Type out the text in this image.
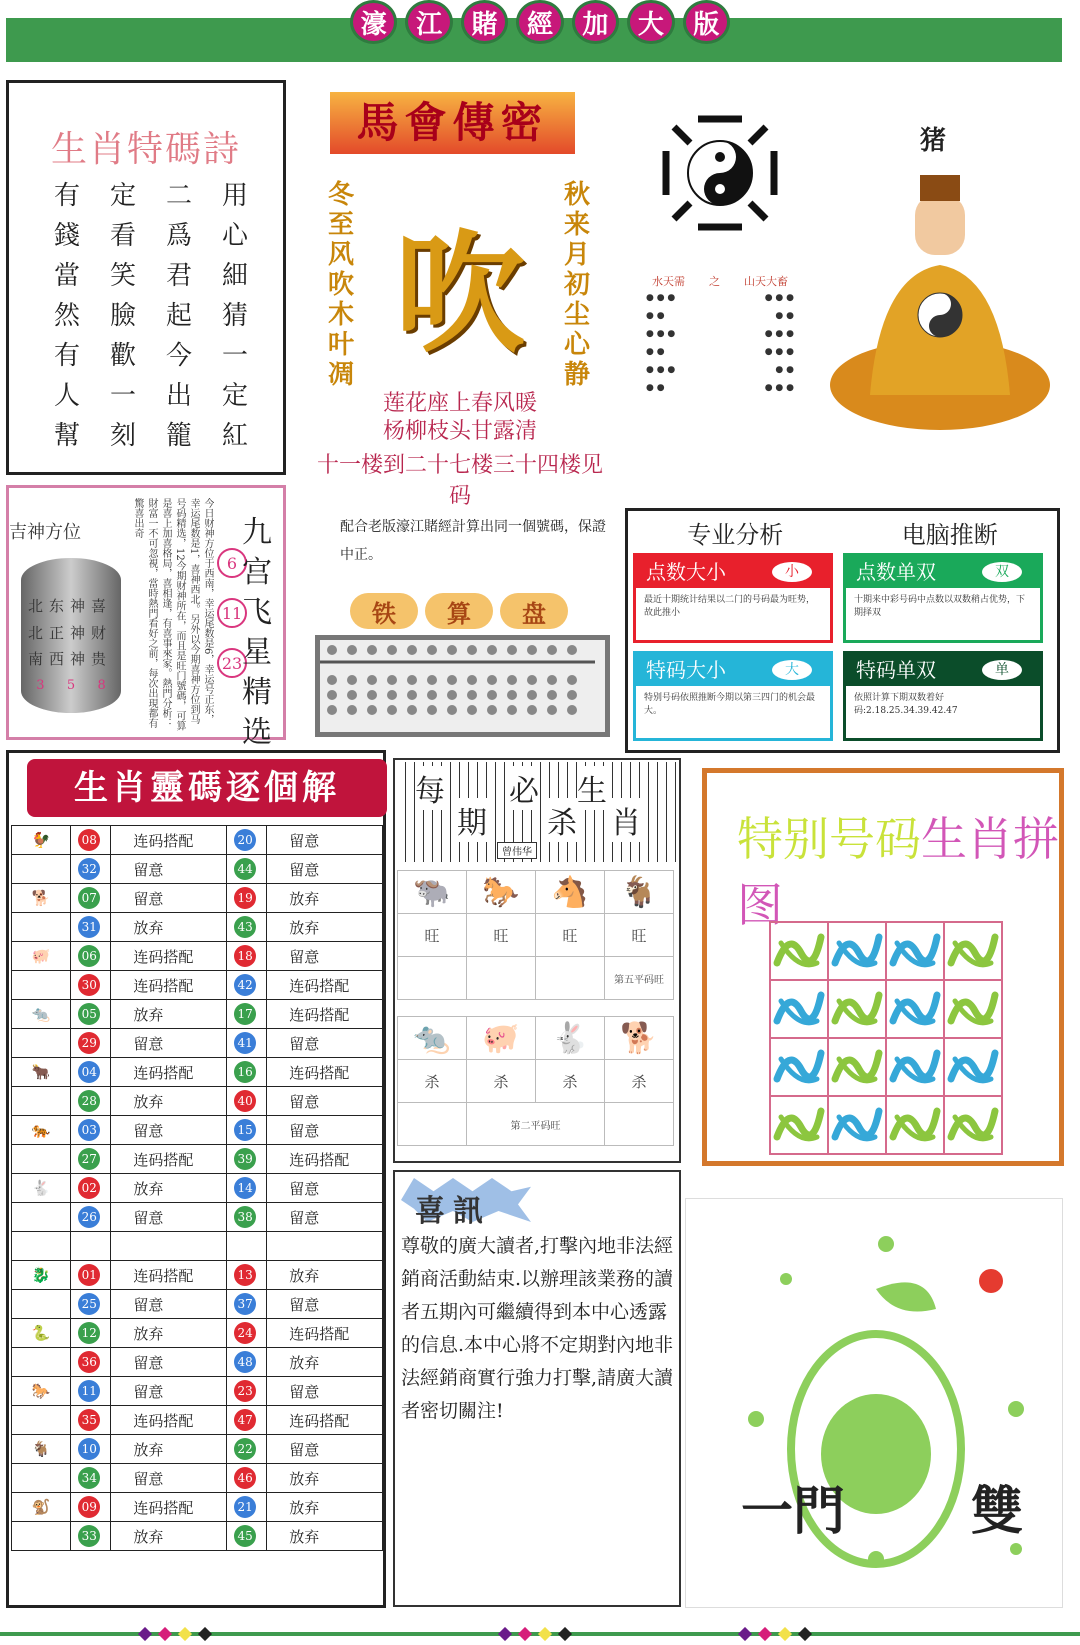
濠	江	賭	經	加	大	版
生肖特碼詩
有	定	二	用
錢	看	爲	心
當	笑	君	細
然	臉	起	猜
有	歡	今	一
人	一	出	定
幫	刻	籠	紅
馬會傳密
冬至风吹木叶凋
吹
秋来月初尘心静
莲花座上春风暖
杨柳枝头甘露清
十一楼到二十七楼三十四楼见码
水天需 之 山天大畜
● ● ●	● ● ●
● ●	● ●
● ● ●	● ● ●
● ●	● ● ●
● ● ●	● ●
● ●	● ● ●
猪
今日财神方位于西南，幸运尾数是6，幸运号正东，幸运尾数是1，喜神西北。另外以今期喜神方位到马号码精选，12今期财神所在，而且是旺门號碼，可算是喜上加喜格局，喜相逢，有喜事來家。熱門分析：財富一不可忽視，當時熱門看好之前，每次出現都有驚喜出奇
喜神东北
财神正北
贵神西南
3 5 8
吉神方位
6
11
23
九宫飞星精选
配合老版濠江賭經計算出同一個號碼，保證中正。
铁	算	盘
专业分析	电脑推断
点数大小	小
最近十期统计结果以二门的号码最为旺势，故此推小
点数单双	双
十期来中彩号码中点数以双数稍占优势，下期择双
特码大小	大
特别号码依照推断今期以第三四门的机会最大。
特码单双	单
依照计算下期双数着好 码:2.18.25.34.39.42.47
生肖靈碼逐個解
🐓	08	连码搭配	20	留意
	32	留意	44	留意
🐕	07	留意	19	放弃
	31	放弃	43	放弃
🐖	06	连码搭配	18	留意
	30	连码搭配	42	连码搭配
🐀	05	放弃	17	连码搭配
	29	留意	41	留意
🐂	04	连码搭配	16	连码搭配
	28	放弃	40	留意
🐅	03	留意	15	留意
	27	连码搭配	39	连码搭配
🐇	02	放弃	14	留意
	26	留意	38	留意

🐉	01	连码搭配	13	放弃
	25	留意	37	留意
🐍	12	放弃	24	连码搭配
	36	留意	48	放弃
🐎	11	留意	23	留意
	35	连码搭配	47	连码搭配
🐐	10	放弃	22	留意
	34	留意	46	放弃
🐒	09	连码搭配	21	放弃
	33	放弃	45	放弃
每
期
必
杀
生
肖
曾伟华
🐃	🐎	🐴	🐐
旺	旺	旺	旺
			第五平码旺

🐀	🐖	🐇	🐕
杀	杀	杀	杀
	第二平码旺		
喜訊
尊敬的廣大讀者,打擊內地非法經銷商活動結束.以辦理該業務的讀者五期內可繼續得到本中心透露的信息.本中心將不定期對內地非法經銷商實行強力打擊,請廣大讀者密切關注!
特别号码生肖拼图
一門 雙
